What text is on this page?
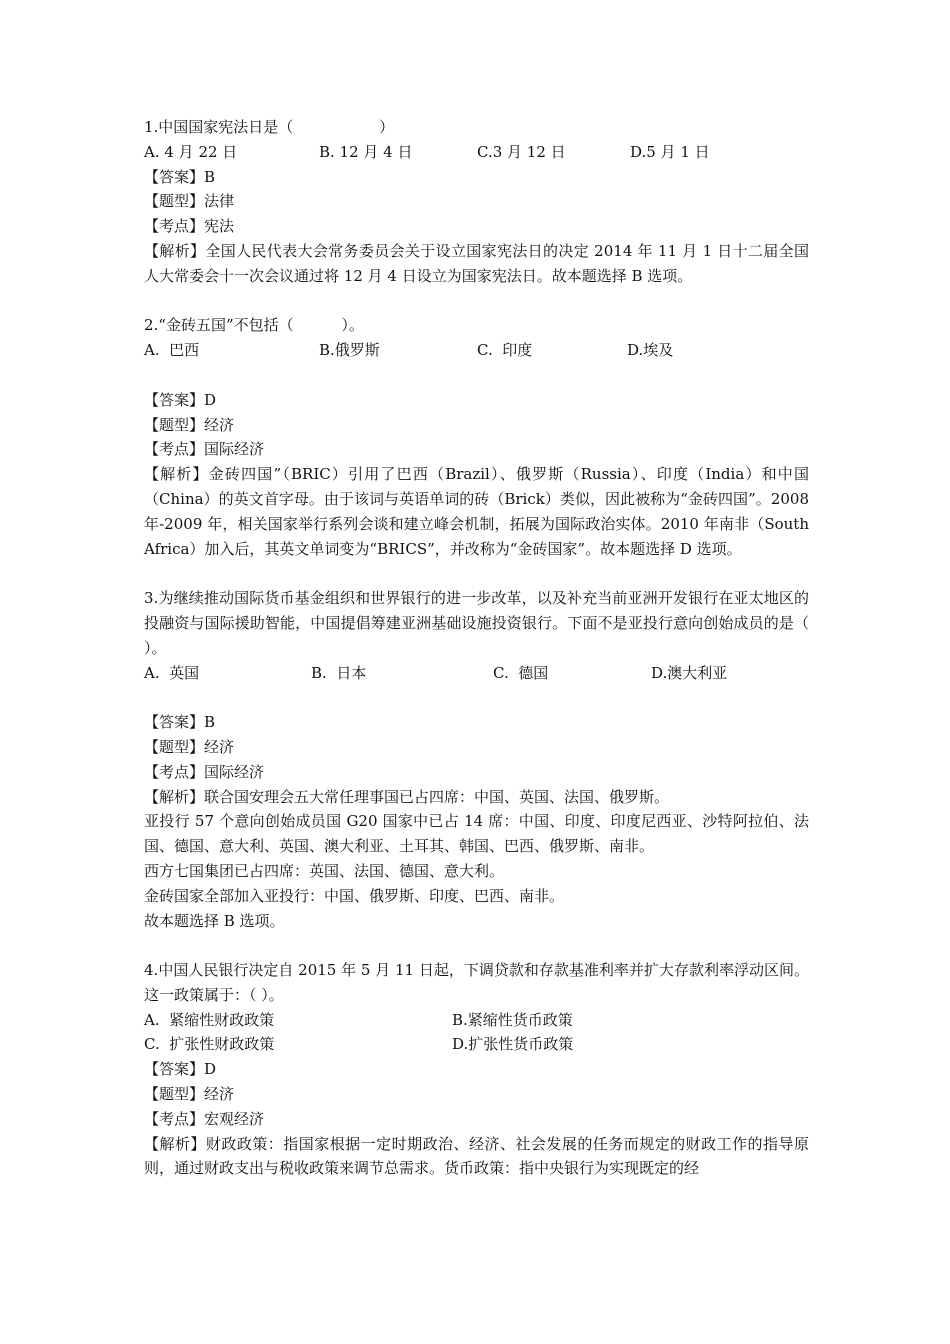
1.中国国家宪法日是（                  ）
A. 4 月 22 日	B. 12 月 4 日	C.3 月 12 日	D.5 月 1 日
【答案】B
【题型】法律
【考点】宪法
【解析】全国人民代表大会常务委员会关于设立国家宪法日的决定 2014 年 11 月 1 日十二届全国人大常委会十一次会议通过将 12 月 4 日设立为国家宪法日。故本题选择 B 选项。
2.“金砖五国”不包括（          ）。
A.  巴西	B.俄罗斯	C.  印度	D.埃及
【答案】D
【题型】经济
【考点】国际经济
【解析】金砖四国”（BRIC）引用了巴西（Brazil）、俄罗斯（Russia）、印度（India）和中国（China）的英文首字母。由于该词与英语单词的砖（Brick）类似，因此被称为“金砖四国”。2008 年-2009 年，相关国家举行系列会谈和建立峰会机制，拓展为国际政治实体。2010 年南非（South Africa）加入后，其英文单词变为“BRICS”，并改称为“金砖国家”。故本题选择 D 选项。
3.为继续推动国际货币基金组织和世界银行的进一步改革，以及补充当前亚洲开发银行在亚太地区的投融资与国际援助智能，中国提倡筹建亚洲基础设施投资银行。下面不是亚投行意向创始成员的是（ ）。
A.  英国	B.  日本	C.  德国	D.澳大利亚
【答案】B
【题型】经济
【考点】国际经济
【解析】联合国安理会五大常任理事国已占四席：中国、英国、法国、俄罗斯。
亚投行 57 个意向创始成员国 G20 国家中已占 14 席：中国、印度、印度尼西亚、沙特阿拉伯、法国、德国、意大利、英国、澳大利亚、土耳其、韩国、巴西、俄罗斯、南非。
西方七国集团已占四席：英国、法国、德国、意大利。
金砖国家全部加入亚投行：中国、俄罗斯、印度、巴西、南非。
故本题选择 B 选项。
4.中国人民银行决定自 2015 年 5 月 11 日起，下调贷款和存款基准利率并扩大存款利率浮动区间。这一政策属于：（ ）。
A.  紧缩性财政政策	B.紧缩性货币政策
C.  扩张性财政政策	D.扩张性货币政策
【答案】D
【题型】经济
【考点】宏观经济
【解析】财政政策：指国家根据一定时期政治、经济、社会发展的任务而规定的财政工作的指导原则，通过财政支出与税收政策来调节总需求。货币政策：指中央银行为实现既定的经
